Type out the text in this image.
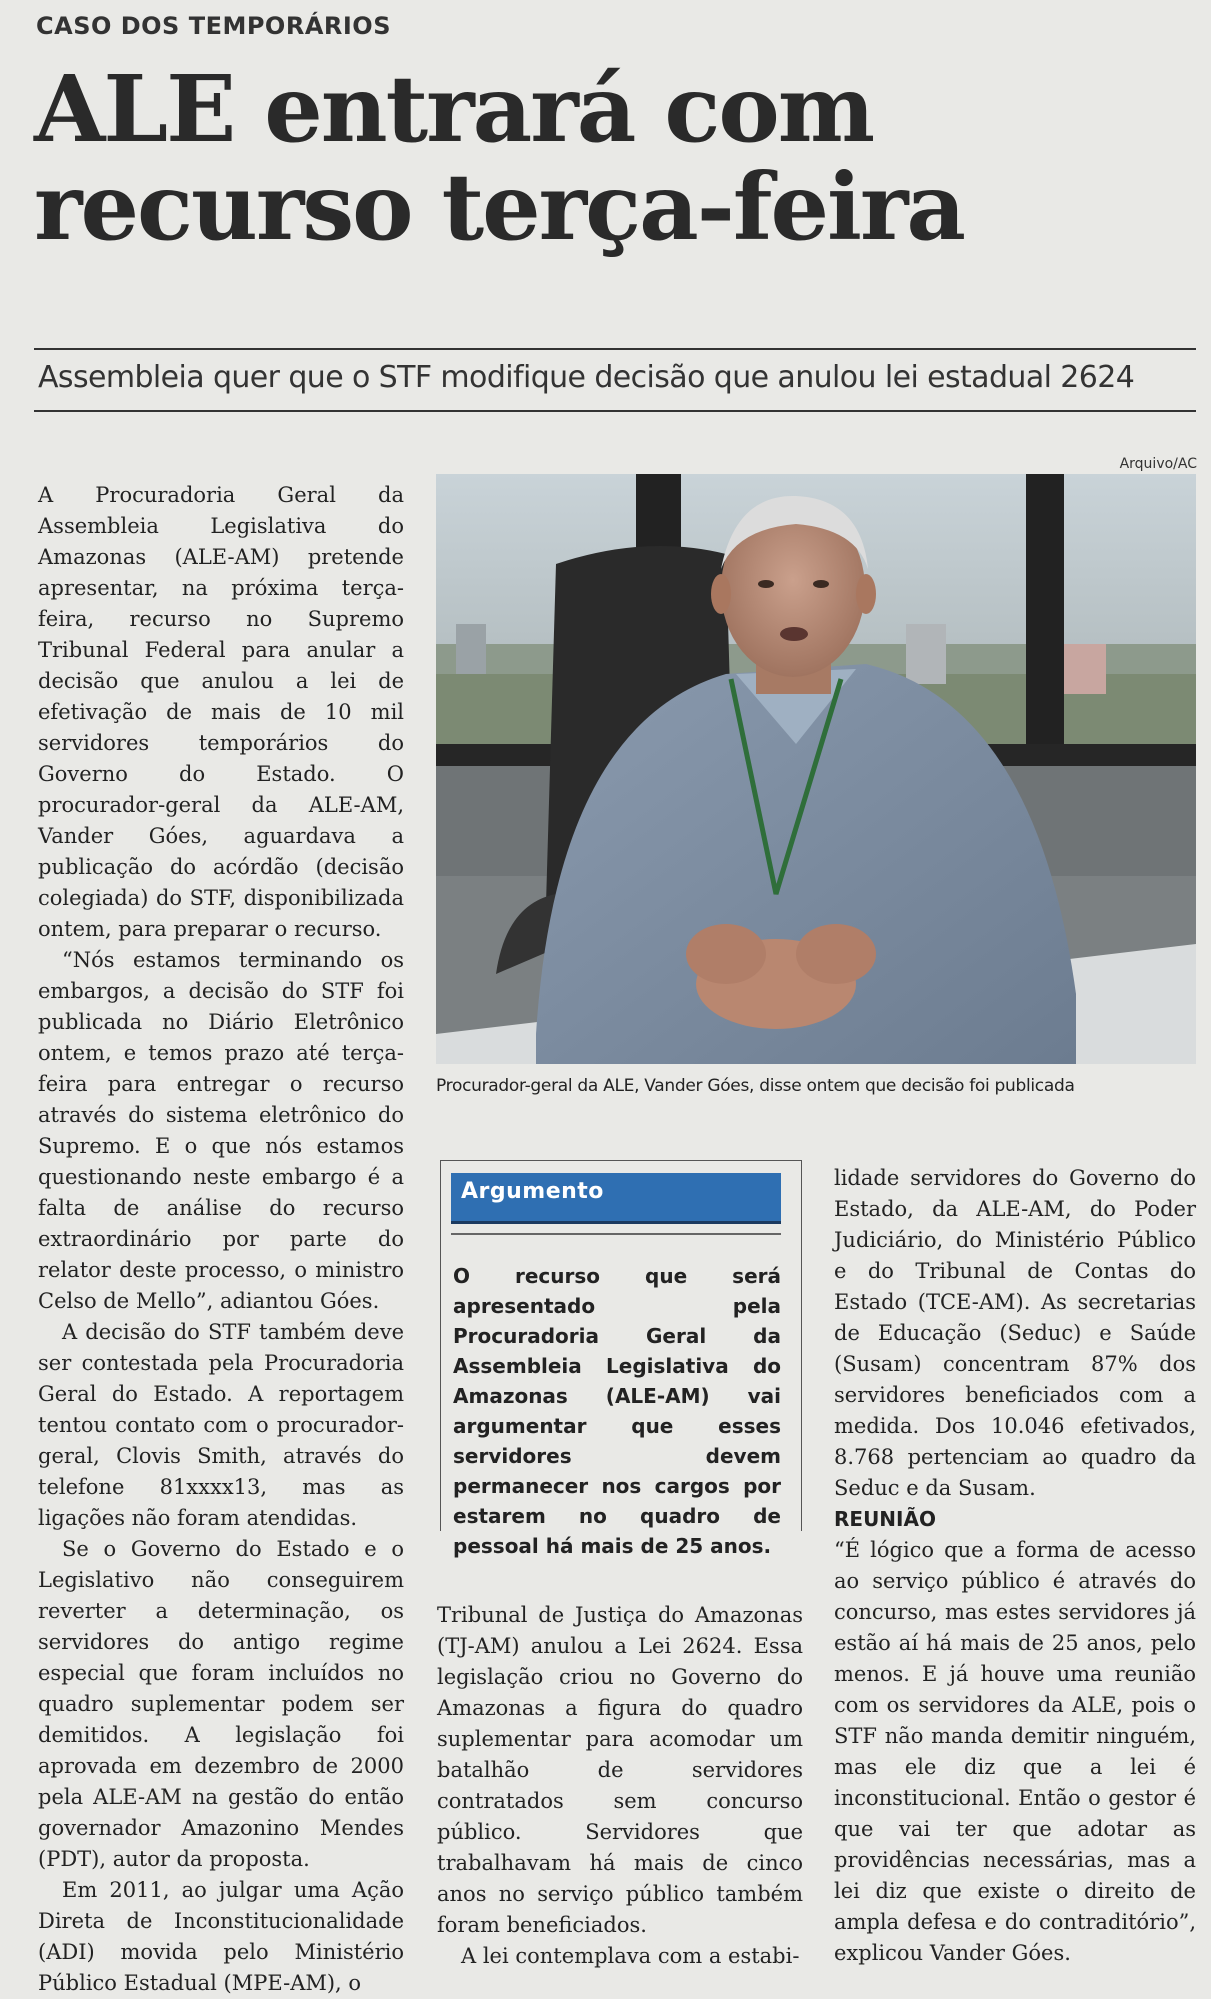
CASO DOS TEMPORÁRIOS
ALE entrará com recurso terça-feira
Assembleia quer que o STF modifique decisão que anulou lei estadual 2624

A Procuradoria Geral da Assembleia Legislativa do Amazonas (ALE-AM) pretende apresentar, na próxima terça-feira, recurso no Supremo Tribunal Federal para anular a decisão que anulou a lei de efetivação de mais de 10 mil servidores temporários do Governo do Estado. O procurador-geral da ALE-AM, Vander Góes, aguardava a publicação do acórdão (decisão colegiada) do STF, disponibilizada ontem, para preparar o recurso.

“Nós estamos terminando os embargos, a decisão do STF foi publicada no Diário Eletrônico ontem, e temos prazo até terça-feira para entregar o recurso através do sistema eletrônico do Supremo. E o que nós estamos questionando neste embargo é a falta de análise do recurso extraordinário por parte do relator deste processo, o ministro Celso de Mello”, adiantou Góes.

A decisão do STF também deve ser contestada pela Procuradoria Geral do Estado. A reportagem tentou contato com o procurador-geral, Clovis Smith, através do telefone 81xxxx13, mas as ligações não foram atendidas.

Se o Governo do Estado e o Legislativo não conseguirem reverter a determinação, os servidores do antigo regime especial que foram incluídos no quadro suplementar podem ser demitidos. A legislação foi aprovada em dezembro de 2000 pela ALE-AM na gestão do então governador Amazonino Mendes (PDT), autor da proposta.

Em 2011, ao julgar uma Ação Direta de Inconstitucionalidade (ADI) movida pelo Ministério Público Estadual (MPE-AM), o

Arquivo/AC
Procurador-geral da ALE, Vander Góes, disse ontem que decisão foi publicada
Argumento
O recurso que será apresentado pela Procuradoria Geral da Assembleia Legislativa do Amazonas (ALE-AM) vai argumentar que esses servidores devem permanecer nos cargos por estarem no quadro de pessoal há mais de 25 anos.

Tribunal de Justiça do Amazonas (TJ-AM) anulou a Lei 2624. Essa legislação criou no Governo do Amazonas a figura do quadro suplementar para acomodar um batalhão de servidores contratados sem concurso público. Servidores que trabalhavam há mais de cinco anos no serviço público também foram beneficiados.

A lei contemplava com a estabi-

lidade servidores do Governo do Estado, da ALE-AM, do Poder Judiciário, do Ministério Público e do Tribunal de Contas do Estado (TCE-AM). As secretarias de Educação (Seduc) e Saúde (Susam) concentram 87% dos servidores beneficiados com a medida. Dos 10.046 efetivados, 8.768 pertenciam ao quadro da Seduc e da Susam.

REUNIÃO

“É lógico que a forma de acesso ao serviço público é através do concurso, mas estes servidores já estão aí há mais de 25 anos, pelo menos. E já houve uma reunião com os servidores da ALE, pois o STF não manda demitir ninguém, mas ele diz que a lei é inconstitucional. Então o gestor é que vai ter que adotar as providências necessárias, mas a lei diz que existe o direito de ampla defesa e do contraditório”, explicou Vander Góes.
